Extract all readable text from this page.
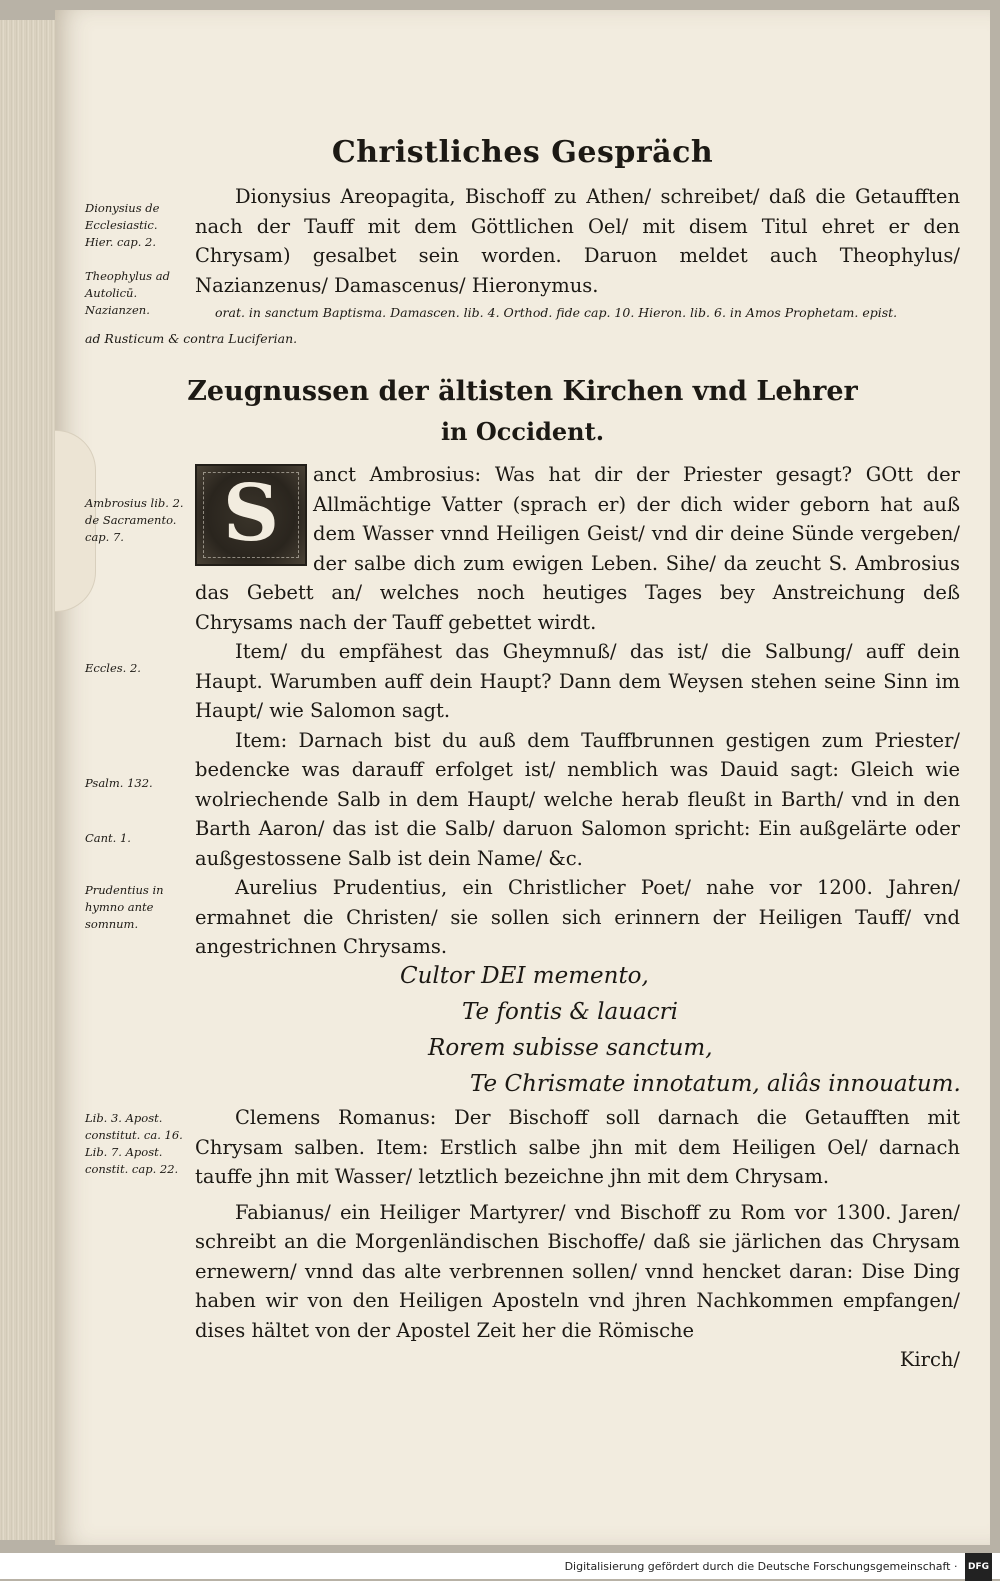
Christliches Gespräch

Dionysius Areopagita, Bischoff zu Athen/ schreibet/ daß die Getaufften nach der Tauff mit dem Göttlichen Oel/ mit disem Titul ehret er den Chrysam) gesalbet sein worden. Daruon meldet auch Theophylus/ Nazianzenus/ Damascenus/ Hieronymus.

orat. in sanctum Baptisma. Damascen. lib. 4. Orthod. fide cap. 10. Hieron. lib. 6. in Amos Prophetam. epist.
ad Rusticum & contra Luciferian.
Dionysius de Ecclesiastic. Hier. cap. 2.
Theophylus ad Autolicū. Nazianzen.
Zeugnussen der ältisten Kirchen vnd Lehrer
in Occident.
S	anct Ambrosius: Was hat dir der Priester gesagt? GOtt der Allmächtige Vatter (sprach er) der dich wider geborn hat auß dem Wasser vnnd Heiligen Geist/ vnd dir deine Sünde vergeben/ der salbe dich zum ewigen Leben. Sihe/ da zeucht S. Ambrosius das Gebett an/ welches noch heutiges Tages bey Anstreichung deß Chrysams nach der Tauff gebettet wirdt.

Item/ du empfähest das Gheymnuß/ das ist/ die Salbung/ auff dein Haupt. Warumben auff dein Haupt? Dann dem Weysen stehen seine Sinn im Haupt/ wie Salomon sagt.

Item: Darnach bist du auß dem Tauffbrunnen gestigen zum Priester/ bedencke was darauff erfolget ist/ nemblich was Dauid sagt: Gleich wie wolriechende Salb in dem Haupt/ welche herab fleußt in Barth/ vnd in den Barth Aaron/ das ist die Salb/ daruon Salomon spricht: Ein außgelärte oder außgestossene Salb ist dein Name/ &c.

Aurelius Prudentius, ein Christlicher Poet/ nahe vor 1200. Jahren/ ermahnet die Christen/ sie sollen sich erinnern der Heiligen Tauff/ vnd angestrichnen Chrysams.

Ambrosius lib. 2. de Sacramento. cap. 7.
Eccles. 2.
Psalm. 132.
Cant. 1.
Prudentius in hymno ante somnum.
Cultor DEI memento,
Te fontis & lauacri
Rorem subisse sanctum,
Te Chrismate innotatum, aliâs innouatum.

Clemens Romanus: Der Bischoff soll darnach die Getaufften mit Chrysam salben. Item: Erstlich salbe jhn mit dem Heiligen Oel/ darnach tauffe jhn mit Wasser/ letztlich bezeichne jhn mit dem Chrysam.

Fabianus/ ein Heiliger Martyrer/ vnd Bischoff zu Rom vor 1300. Jaren/ schreibt an die Morgenländischen Bischoffe/ daß sie järlichen das Chrysam ernewern/ vnnd das alte verbrennen sollen/ vnnd hencket daran: Dise Ding haben wir von den Heiligen Aposteln vnd jhren Nachkommen empfangen/ dises hältet von der Apostel Zeit her die Römische

Kirch/
Lib. 3. Apost. constitut. ca. 16. Lib. 7. Apost. constit. cap. 22.
Digitalisierung gefördert durch die Deutsche Forschungsgemeinschaft · DFG
